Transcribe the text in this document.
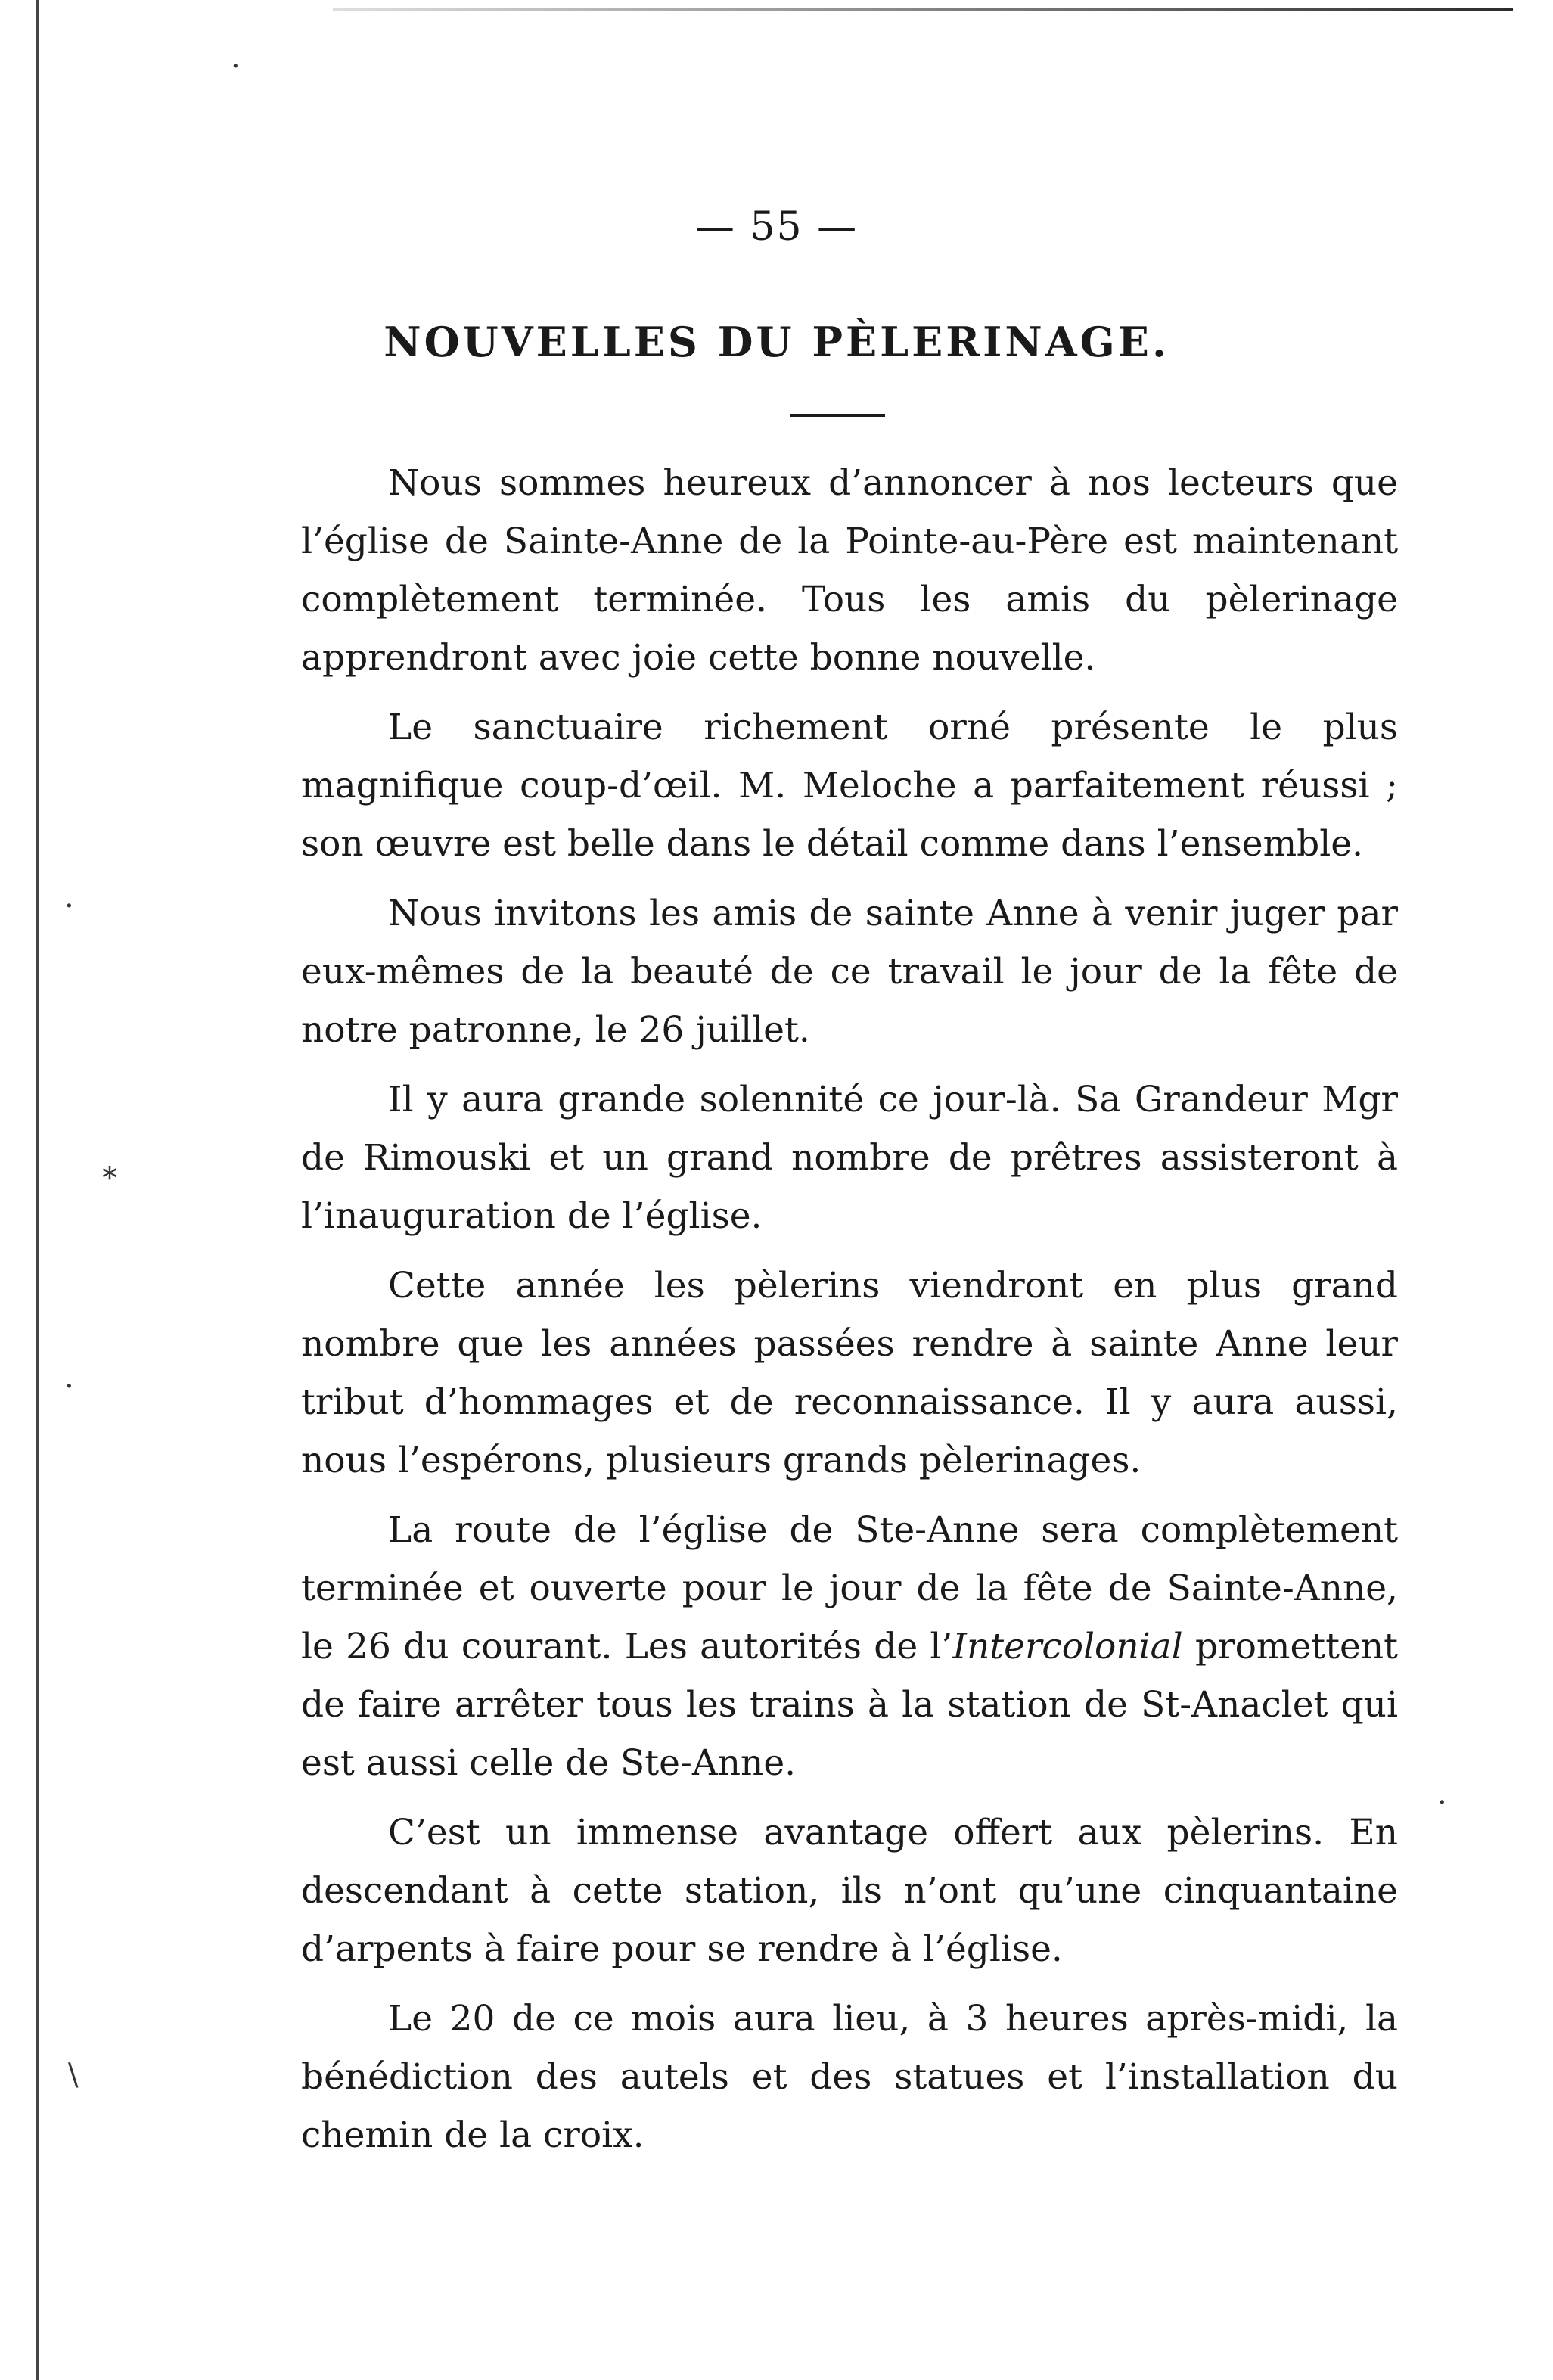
— 55 —
NOUVELLES DU PÈLERINAGE.

Nous sommes heureux d’annoncer à nos lecteurs que l’église de Sainte-Anne de la Pointe-au-Père est maintenant complètement terminée. Tous les amis du pèlerinage apprendront avec joie cette bonne nouvelle.

Le sanctuaire richement orné présente le plus magnifique coup-d’œil. M. Meloche a parfaitement réussi ; son œuvre est belle dans le détail comme dans l’ensemble.

Nous invitons les amis de sainte Anne à venir juger par eux-mêmes de la beauté de ce travail le jour de la fête de notre patronne, le 26 juillet.

Il y aura grande solennité ce jour-là. Sa Grandeur Mgr de Rimouski et un grand nombre de prêtres assisteront à l’inauguration de l’église.

Cette année les pèlerins viendront en plus grand nombre que les années passées rendre à sainte Anne leur tribut d’hommages et de reconnaissance. Il y aura aussi, nous l’espérons, plusieurs grands pèlerinages.

La route de l’église de Ste-Anne sera complètement terminée et ouverte pour le jour de la fête de Sainte-Anne, le 26 du courant. Les autorités de l’Intercolonial promettent de faire arrêter tous les trains à la station de St-Anaclet qui est aussi celle de Ste-Anne.

C’est un immense avantage offert aux pèlerins. En descendant à cette station, ils n’ont qu’une cinquantaine d’arpents à faire pour se rendre à l’église.

Le 20 de ce mois aura lieu, à 3 heures après-midi, la bénédiction des autels et des statues et l’installation du chemin de la croix.

·
·
*
·
·
\
